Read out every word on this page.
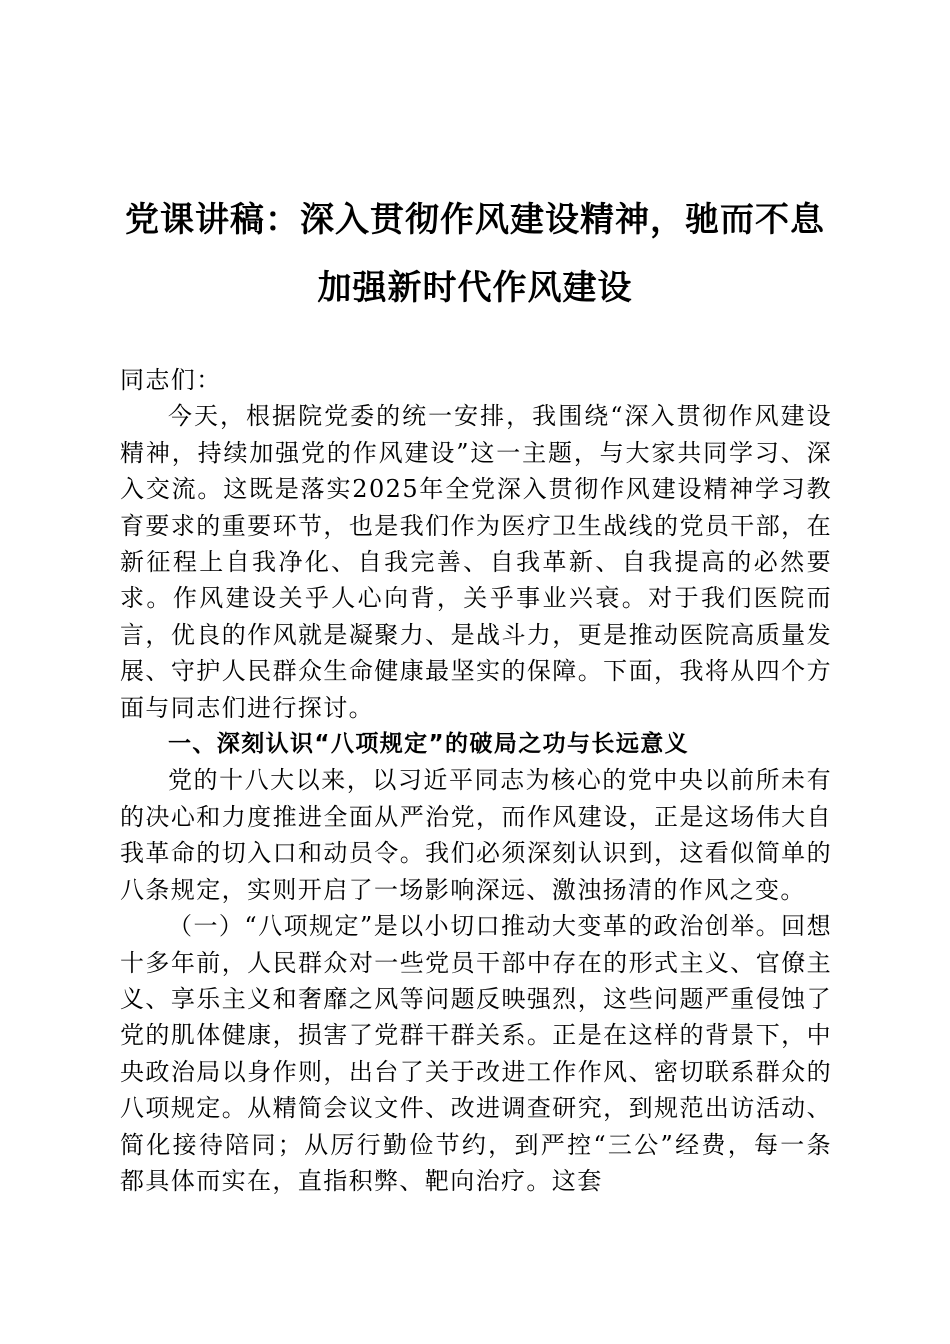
党课讲稿：深入贯彻作风建设精神，驰而不息
加强新时代作风建设

同志们：

今天，根据院党委的统一安排，我围绕“深入贯彻作风建设精神，持续加强党的作风建设”这一主题，与大家共同学习、深入交流。这既是落实2025年全党深入贯彻作风建设精神学习教育要求的重要环节，也是我们作为医疗卫生战线的党员干部，在新征程上自我净化、自我完善、自我革新、自我提高的必然要求。作风建设关乎人心向背，关乎事业兴衰。对于我们医院而言，优良的作风就是凝聚力、是战斗力，更是推动医院高质量发展、守护人民群众生命健康最坚实的保障。下面，我将从四个方面与同志们进行探讨。

一、深刻认识“八项规定”的破局之功与长远意义

党的十八大以来，以习近平同志为核心的党中央以前所未有的决心和力度推进全面从严治党，而作风建设，正是这场伟大自我革命的切入口和动员令。我们必须深刻认识到，这看似简单的八条规定，实则开启了一场影响深远、激浊扬清的作风之变。

（一）“八项规定”是以小切口推动大变革的政治创举。回想十多年前，人民群众对一些党员干部中存在的形式主义、官僚主义、享乐主义和奢靡之风等问题反映强烈，这些问题严重侵蚀了党的肌体健康，损害了党群干群关系。正是在这样的背景下，中央政治局以身作则，出台了关于改进工作作风、密切联系群众的八项规定。从精简会议文件、改进调查研究，到规范出访活动、简化接待陪同；从厉行勤俭节约，到严控“三公”经费，每一条都具体而实在，直指积弊、靶向治疗。这套
